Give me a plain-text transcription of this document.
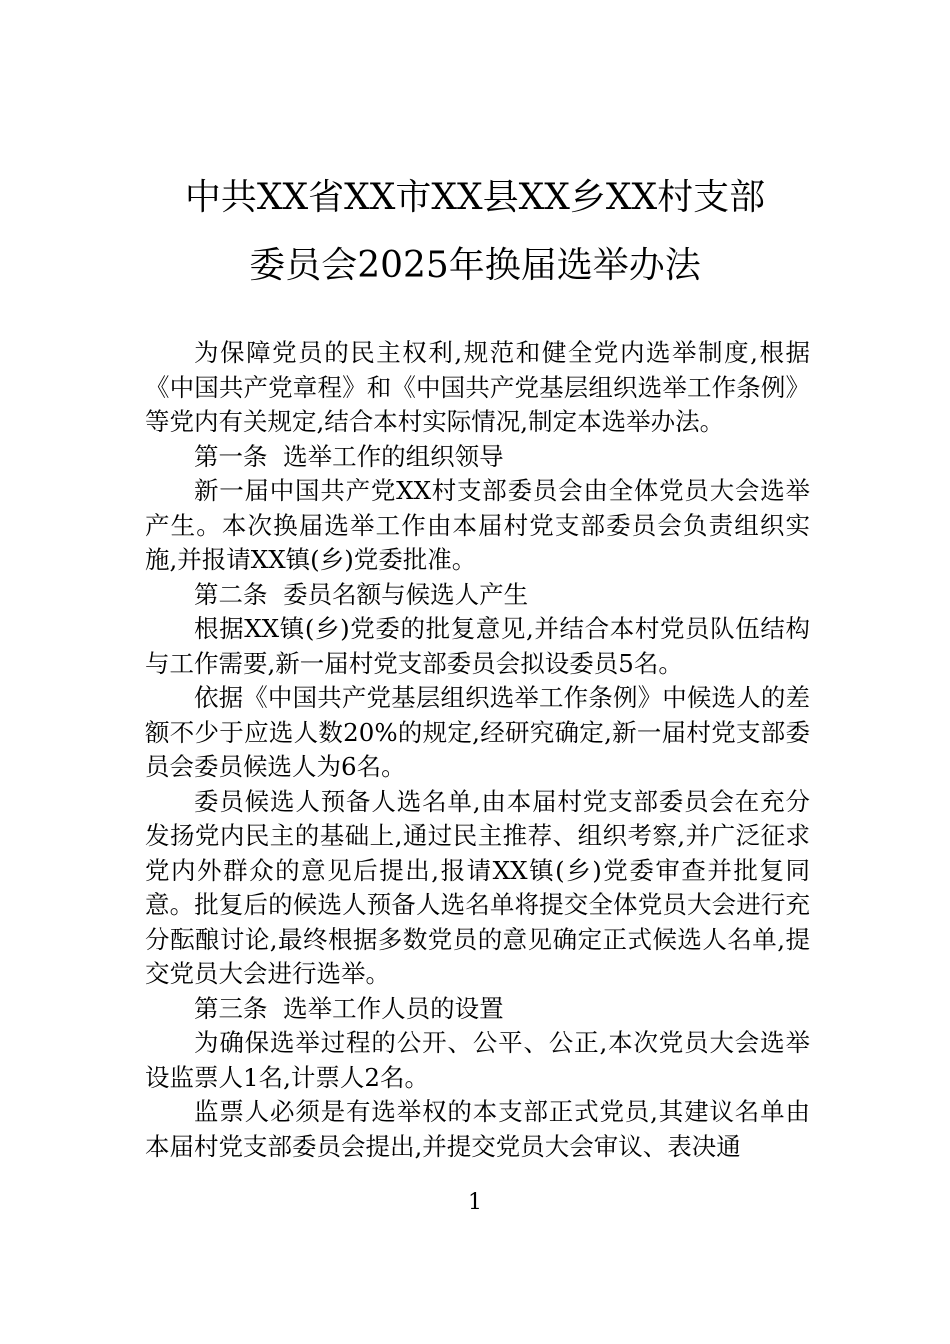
中共XX省XX市XX县XX乡XX村支部
委员会2025年换届选举办法

为保障党员的民主权利,规范和健全党内选举制度,根据《中国共产党章程》和《中国共产党基层组织选举工作条例》等党内有关规定,结合本村实际情况,制定本选举办法。

第一条  选举工作的组织领导

新一届中国共产党XX村支部委员会由全体党员大会选举产生。本次换届选举工作由本届村党支部委员会负责组织实施,并报请XX镇(乡)党委批准。

第二条  委员名额与候选人产生

根据XX镇(乡)党委的批复意见,并结合本村党员队伍结构与工作需要,新一届村党支部委员会拟设委员5名。

依据《中国共产党基层组织选举工作条例》中候选人的差额不少于应选人数20%的规定,经研究确定,新一届村党支部委员会委员候选人为6名。

委员候选人预备人选名单,由本届村党支部委员会在充分发扬党内民主的基础上,通过民主推荐、组织考察,并广泛征求党内外群众的意见后提出,报请XX镇(乡)党委审查并批复同意。批复后的候选人预备人选名单将提交全体党员大会进行充分酝酿讨论,最终根据多数党员的意见确定正式候选人名单,提交党员大会进行选举。

第三条  选举工作人员的设置

为确保选举过程的公开、公平、公正,本次党员大会选举设监票人1名,计票人2名。

监票人必须是有选举权的本支部正式党员,其建议名单由本届村党支部委员会提出,并提交党员大会审议、表决通

1
